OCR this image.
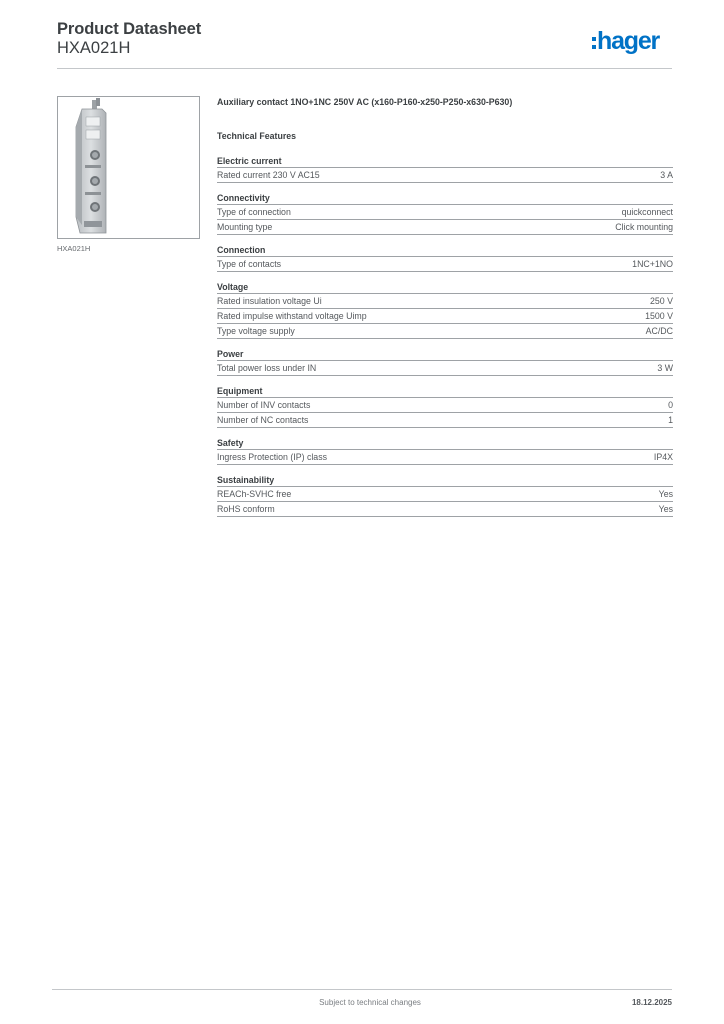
Product Datasheet
HXA021H	hager
HXA021H
Auxiliary contact 1NO+1NC 250V AC (x160-P160-x250-P250-x630-P630)
Technical Features
Electric current
Rated current 230 V AC15	3 A
Connectivity
Type of connection	quickconnect
Mounting type	Click mounting
Connection
Type of contacts	1NC+1NO
Voltage
Rated insulation voltage Ui	250 V
Rated impulse withstand voltage Uimp	1500 V
Type voltage supply	AC/DC
Power
Total power loss under IN	3 W
Equipment
Number of INV contacts	0
Number of NC contacts	1
Safety
Ingress Protection (IP) class	IP4X
Sustainability
REACh-SVHC free	Yes
RoHS conform	Yes
Subject to technical changes	18.12.2025
